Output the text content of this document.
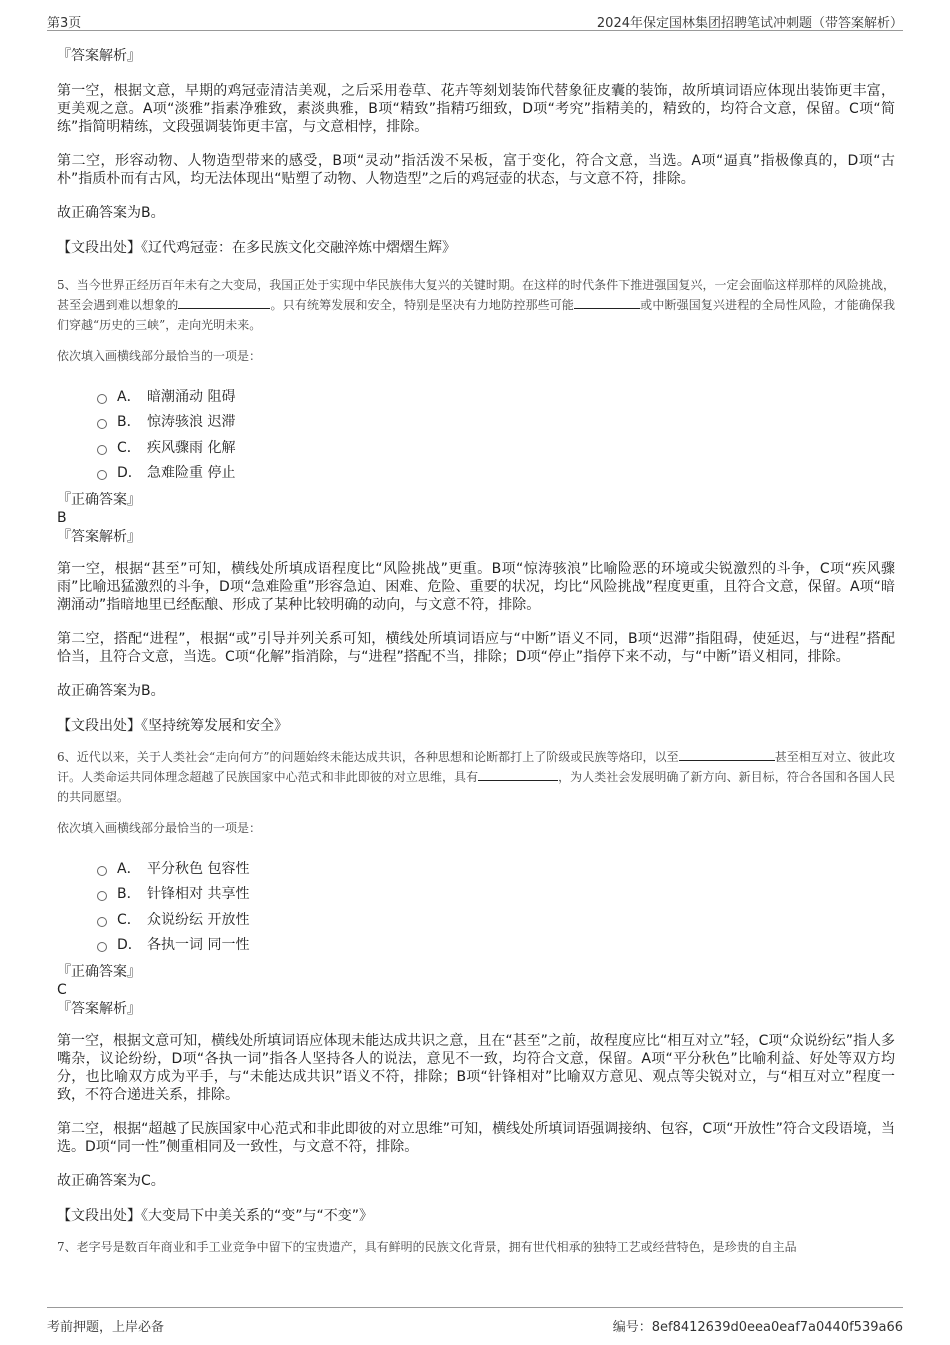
第3页	2024年保定国林集团招聘笔试冲刺题（带答案解析）

『答案解析』

第一空，根据文意，早期的鸡冠壶清洁美观，之后采用卷草、花卉等刻划装饰代替象征皮囊的装饰，故所填词语应体现出装饰更丰富，更美观之意。A项“淡雅”指素净雅致，素淡典雅，B项“精致”指精巧细致，D项“考究”指精美的，精致的，均符合文意，保留。C项“简练”指简明精练，文段强调装饰更丰富，与文意相悖，排除。

第二空，形容动物、人物造型带来的感受，B项“灵动”指活泼不呆板，富于变化，符合文意，当选。A项“逼真”指极像真的，D项“古朴”指质朴而有古风，均无法体现出“贴塑了动物、人物造型”之后的鸡冠壶的状态，与文意不符，排除。

故正确答案为B。

【文段出处】《辽代鸡冠壶：在多民族文化交融淬炼中熠熠生辉》

5、当今世界正经历百年未有之大变局，我国正处于实现中华民族伟大复兴的关键时期。在这样的时代条件下推进强国复兴，一定会面临这样那样的风险挑战，甚至会遇到难以想象的	。只有统筹发展和安全，特别是坚决有力地防控那些可能	或中断强国复兴进程的全局性风险，才能确保我们穿越“历史的三峡”，走向光明未来。

依次填入画横线部分最恰当的一项是：

A． 暗潮涌动 阻碍
B． 惊涛骇浪 迟滞
C． 疾风骤雨 化解
D． 急难险重 停止

『正确答案』

B

『答案解析』

第一空，根据“甚至”可知，横线处所填成语程度比“风险挑战”更重。B项“惊涛骇浪”比喻险恶的环境或尖锐激烈的斗争，C项“疾风骤雨”比喻迅猛激烈的斗争，D项“急难险重”形容急迫、困难、危险、重要的状况，均比“风险挑战”程度更重，且符合文意，保留。A项“暗潮涌动”指暗地里已经酝酿、形成了某种比较明确的动向，与文意不符，排除。

第二空，搭配“进程”，根据“或”引导并列关系可知，横线处所填词语应与“中断”语义不同，B项“迟滞”指阻碍，使延迟，与“进程”搭配恰当，且符合文意，当选。C项“化解”指消除，与“进程”搭配不当，排除；D项“停止”指停下来不动，与“中断”语义相同，排除。

故正确答案为B。

【文段出处】《坚持统筹发展和安全》

6、近代以来，关于人类社会“走向何方”的问题始终未能达成共识，各种思想和论断都打上了阶级或民族等烙印，以至	甚至相互对立、彼此攻讦。人类命运共同体理念超越了民族国家中心范式和非此即彼的对立思维，具有	，为人类社会发展明确了新方向、新目标，符合各国和各国人民的共同愿望。

依次填入画横线部分最恰当的一项是：

A． 平分秋色 包容性
B． 针锋相对 共享性
C． 众说纷纭 开放性
D． 各执一词 同一性

『正确答案』

C

『答案解析』

第一空，根据文意可知，横线处所填词语应体现未能达成共识之意，且在“甚至”之前，故程度应比“相互对立”轻，C项“众说纷纭”指人多嘴杂，议论纷纷，D项“各执一词”指各人坚持各人的说法，意见不一致，均符合文意，保留。A项“平分秋色”比喻利益、好处等双方均分，也比喻双方成为平手，与“未能达成共识”语义不符，排除；B项“针锋相对”比喻双方意见、观点等尖锐对立，与“相互对立”程度一致，不符合递进关系，排除。

第二空，根据“超越了民族国家中心范式和非此即彼的对立思维”可知，横线处所填词语强调接纳、包容，C项“开放性”符合文段语境，当选。D项“同一性”侧重相同及一致性，与文意不符，排除。

故正确答案为C。

【文段出处】《大变局下中美关系的“变”与“不变”》

7、老字号是数百年商业和手工业竞争中留下的宝贵遗产，具有鲜明的民族文化背景，拥有世代相承的独特工艺或经营特色，是珍贵的自主品

考前押题，上岸必备	编号：8ef8412639d0eea0eaf7a0440f539a66
